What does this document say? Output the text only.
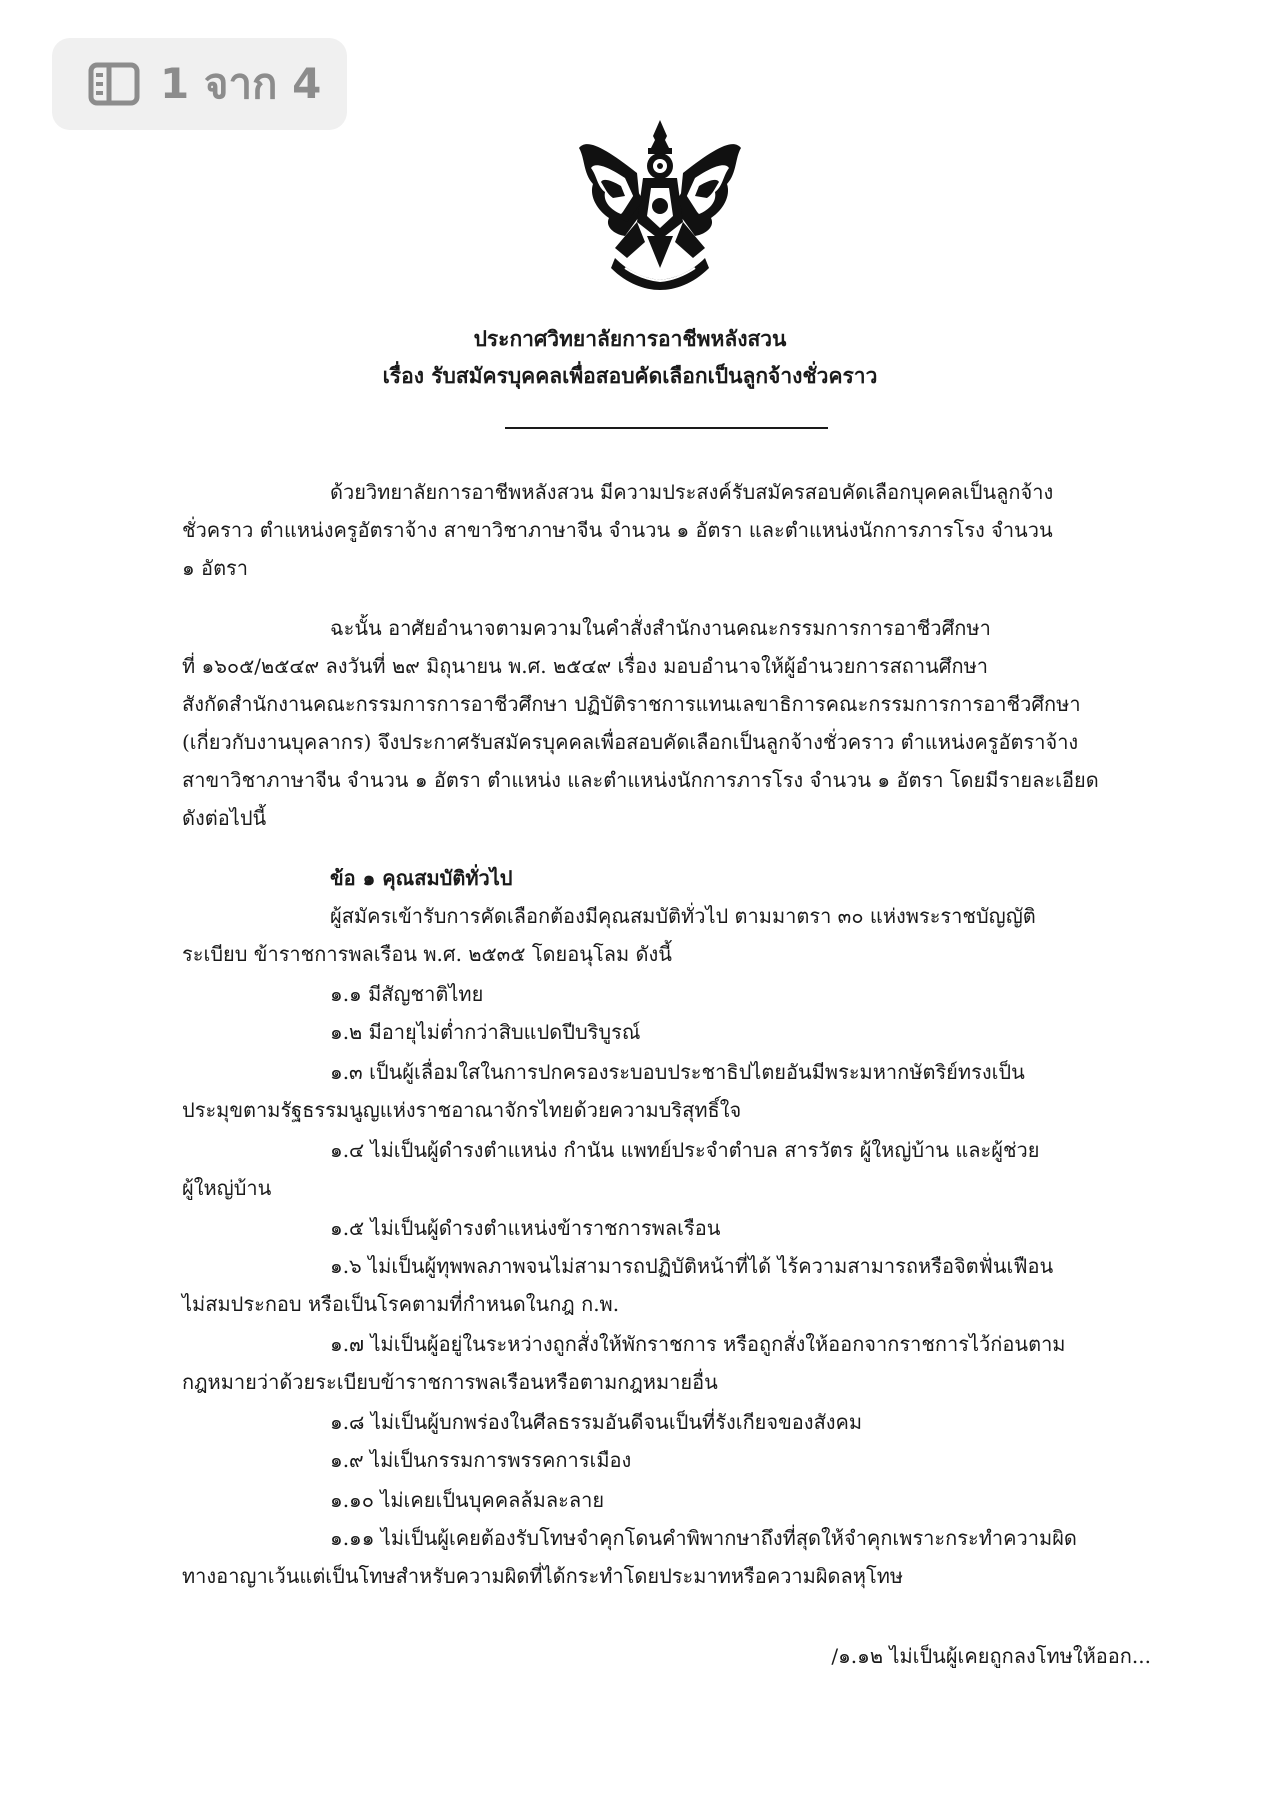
1 จาก 4
ประกาศวิทยาลัยการอาชีพหลังสวน
เรื่อง รับสมัครบุคคลเพื่อสอบคัดเลือกเป็นลูกจ้างชั่วคราว
ด้วยวิทยาลัยการอาชีพหลังสวน มีความประสงค์รับสมัครสอบคัดเลือกบุคคลเป็นลูกจ้าง
ชั่วคราว ตำแหน่งครูอัตราจ้าง สาขาวิชาภาษาจีน จำนวน ๑ อัตรา และตำแหน่งนักการภารโรง จำนวน
๑ อัตรา
ฉะนั้น อาศัยอำนาจตามความในคำสั่งสำนักงานคณะกรรมการการอาชีวศึกษา
ที่ ๑๖๐๕/๒๕๔๙ ลงวันที่ ๒๙ มิถุนายน พ.ศ. ๒๕๔๙ เรื่อง มอบอำนาจให้ผู้อำนวยการสถานศึกษา
สังกัดสำนักงานคณะกรรมการการอาชีวศึกษา ปฏิบัติราชการแทนเลขาธิการคณะกรรมการการอาชีวศึกษา
(เกี่ยวกับงานบุคลากร) จึงประกาศรับสมัครบุคคลเพื่อสอบคัดเลือกเป็นลูกจ้างชั่วคราว ตำแหน่งครูอัตราจ้าง
สาขาวิชาภาษาจีน จำนวน ๑ อัตรา ตำแหน่ง และตำแหน่งนักการภารโรง จำนวน ๑ อัตรา โดยมีรายละเอียด
ดังต่อไปนี้
ข้อ ๑ คุณสมบัติทั่วไป
ผู้สมัครเข้ารับการคัดเลือกต้องมีคุณสมบัติทั่วไป ตามมาตรา ๓๐ แห่งพระราชบัญญัติ
ระเบียบ ข้าราชการพลเรือน พ.ศ. ๒๕๓๕ โดยอนุโลม ดังนี้
๑.๑ มีสัญชาติไทย
๑.๒ มีอายุไม่ต่ำกว่าสิบแปดปีบริบูรณ์
๑.๓ เป็นผู้เลื่อมใสในการปกครองระบอบประชาธิปไตยอันมีพระมหากษัตริย์ทรงเป็น
ประมุขตามรัฐธรรมนูญแห่งราชอาณาจักรไทยด้วยความบริสุทธิ์ใจ
๑.๔ ไม่เป็นผู้ดำรงตำแหน่ง กำนัน แพทย์ประจำตำบล สารวัตร ผู้ใหญ่บ้าน และผู้ช่วย
ผู้ใหญ่บ้าน
๑.๕ ไม่เป็นผู้ดำรงตำแหน่งข้าราชการพลเรือน
๑.๖ ไม่เป็นผู้ทุพพลภาพจนไม่สามารถปฏิบัติหน้าที่ได้ ไร้ความสามารถหรือจิตฟั่นเฟือน
ไม่สมประกอบ หรือเป็นโรคตามที่กำหนดในกฎ ก.พ.
๑.๗ ไม่เป็นผู้อยู่ในระหว่างถูกสั่งให้พักราชการ หรือถูกสั่งให้ออกจากราชการไว้ก่อนตาม
กฎหมายว่าด้วยระเบียบข้าราชการพลเรือนหรือตามกฎหมายอื่น
๑.๘ ไม่เป็นผู้บกพร่องในศีลธรรมอันดีจนเป็นที่รังเกียจของสังคม
๑.๙ ไม่เป็นกรรมการพรรคการเมือง
๑.๑๐ ไม่เคยเป็นบุคคลล้มละลาย
๑.๑๑ ไม่เป็นผู้เคยต้องรับโทษจำคุกโดนคำพิพากษาถึงที่สุดให้จำคุกเพราะกระทำความผิด
ทางอาญาเว้นแต่เป็นโทษสำหรับความผิดที่ได้กระทำโดยประมาทหรือความผิดลหุโทษ
/๑.๑๒ ไม่เป็นผู้เคยถูกลงโทษให้ออก...
